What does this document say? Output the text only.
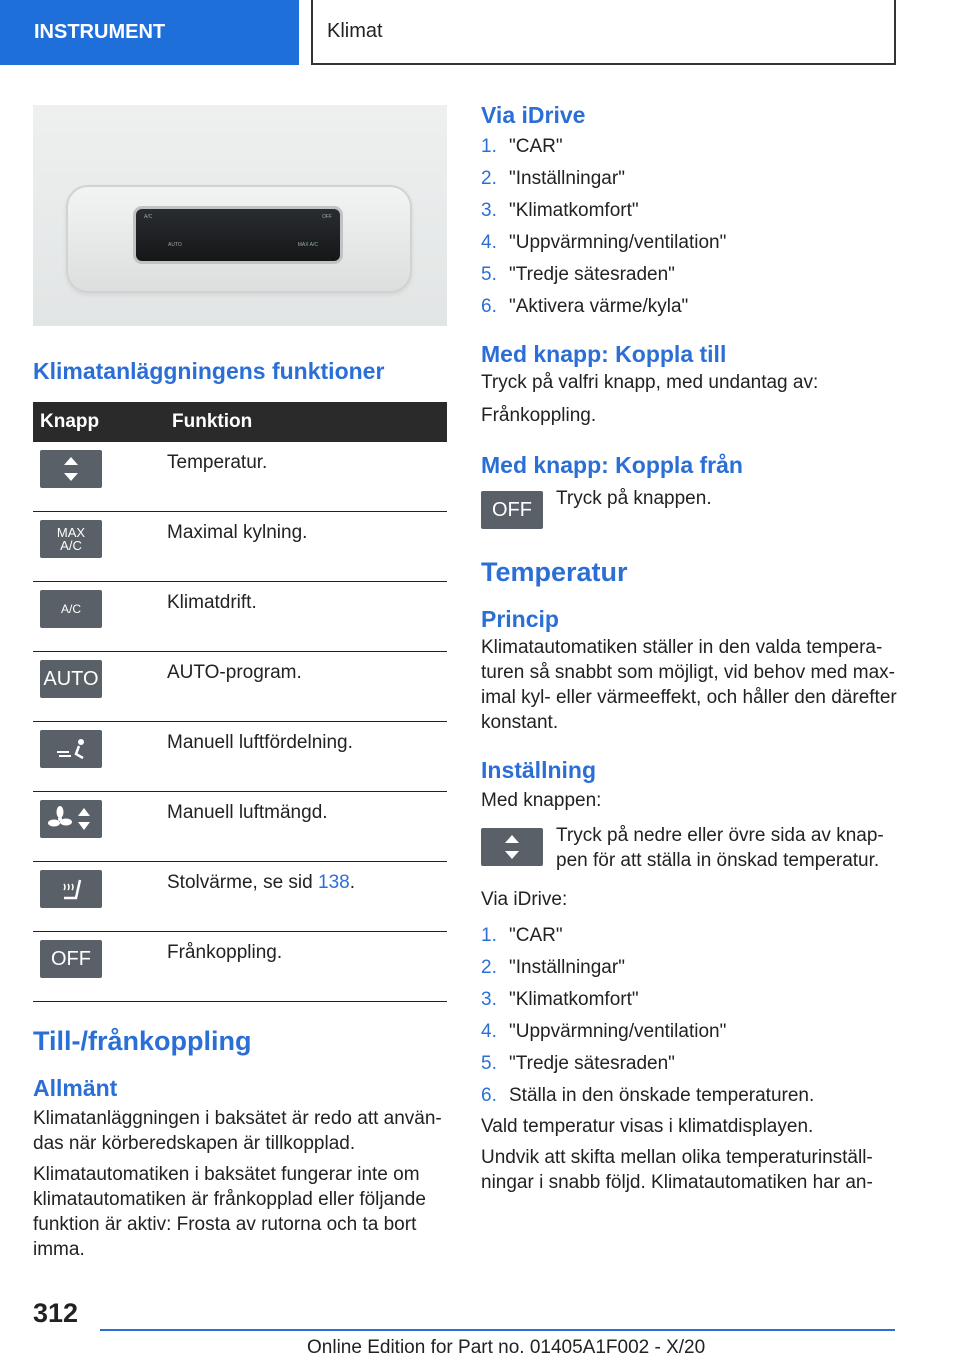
INSTRUMENT	Klimat
A/C	OFF
AUTO	MAX A/C
Klimatanläggningens funktioner
Knapp	Funktion

	Temperatur.

MAX
A/C	Maximal kylning.

A/C	Klimatdrift.

AUTO	AUTO-program.

	Manuell luftfördelning.

	Manuell luftmängd.

	Stolvärme, se sid 138.

OFF	Frånkoppling.
Till-/frånkoppling
Allmänt

Klimatanläggningen i baksätet är redo att använ-das när körberedskapen är tillkopplad.

Klimatautomatiken i baksätet fungerar inte om klimatautomatiken är frånkopplad eller följande funktion är aktiv: Frosta av rutorna och ta bort imma.

Via iDrive
1. "CAR"
2. "Inställningar"
3. "Klimatkomfort"
4. "Uppvärmning/ventilation"
5. "Tredje sätesraden"
6. "Aktivera värme/kyla"
Med knapp: Koppla till

Tryck på valfri knapp, med undantag av:

Frånkoppling.

Med knapp: Koppla från
OFF Tryck på knappen.

Temperatur
Princip

Klimatautomatiken ställer in den valda tempera-turen så snabbt som möjligt, vid behov med max-imal kyl- eller värmeeffekt, och håller den därefter konstant.

Inställning

Med knappen:

Tryck på nedre eller övre sida av knap-pen för att ställa in önskad temperatur.

Via iDrive:

1. "CAR"
2. "Inställningar"
3. "Klimatkomfort"
4. "Uppvärmning/ventilation"
5. "Tredje sätesraden"
6. Ställa in den önskade temperaturen.

Vald temperatur visas i klimatdisplayen.

Undvik att skifta mellan olika temperaturinställ-ningar i snabb följd. Klimatautomatiken har an-

312
Online Edition for Part no. 01405A1F002 - X/20
